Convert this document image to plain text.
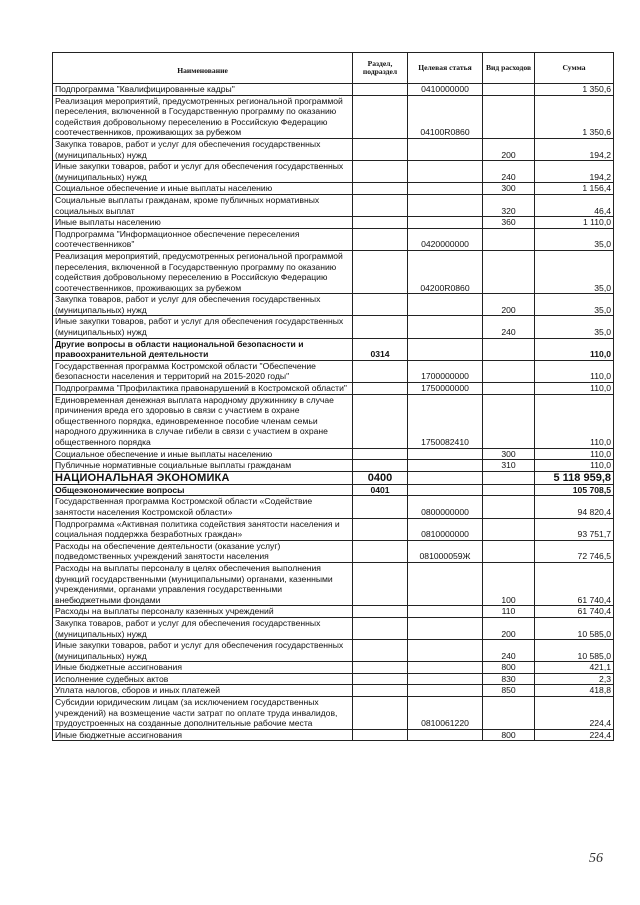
Наименование	Раздел, подраздел	Целевая статья	Вид расходов	Сумма
Подпрограмма "Квалифицированные кадры"		0410000000		1 350,6
Реализация мероприятий, предусмотренных региональной программой переселения, включенной в Государственную программу по оказанию содействия добровольному переселению в Российскую Федерацию соотечественников, проживающих за рубежом		04100R0860		1 350,6
Закупка товаров, работ и услуг для обеспечения государственных (муниципальных) нужд			200	194,2
Иные закупки товаров, работ и услуг для обеспечения государственных (муниципальных) нужд			240	194,2
Социальное обеспечение и иные выплаты населению			300	1 156,4
Социальные выплаты гражданам, кроме публичных нормативных социальных выплат			320	46,4
Иные выплаты населению			360	1 110,0
Подпрограмма "Информационное обеспечение переселения соотечественников"		0420000000		35,0
Реализация мероприятий, предусмотренных региональной программой переселения, включенной в Государственную программу по оказанию содействия добровольному переселению в Российскую Федерацию соотечественников, проживающих за рубежом		04200R0860		35,0
Закупка товаров, работ и услуг для обеспечения государственных (муниципальных) нужд			200	35,0
Иные закупки товаров, работ и услуг для обеспечения государственных (муниципальных) нужд			240	35,0
Другие вопросы в области национальной безопасности и правоохранительной деятельности	0314			110,0
Государственная программа Костромской области "Обеспечение безопасности населения и территорий на 2015-2020 годы"		1700000000		110,0
Подпрограмма "Профилактика правонарушений в Костромской области"		1750000000		110,0
Единовременная денежная выплата народному дружиннику в случае причинения вреда его здоровью в связи с участием в охране общественного порядка, единовременное пособие членам семьи народного дружинника в случае гибели в связи с участием в охране общественного порядка		1750082410		110,0
Социальное обеспечение и иные выплаты населению			300	110,0
Публичные нормативные социальные выплаты гражданам			310	110,0
НАЦИОНАЛЬНАЯ ЭКОНОМИКА	0400			5 118 959,8
Общеэкономические вопросы	0401			105 708,5
Государственная программа Костромской области «Содействие занятости населения Костромской области»		0800000000		94 820,4
Подпрограмма «Активная политика содействия занятости населения и социальная поддержка безработных граждан»		0810000000		93 751,7
Расходы на обеспечение деятельности (оказание услуг) подведомственных учреждений занятости населения		081000059Ж		72 746,5
Расходы на выплаты персоналу в целях обеспечения выполнения функций государственными (муниципальными) органами, казенными учреждениями, органами управления государственными внебюджетными фондами			100	61 740,4
Расходы на выплаты персоналу казенных учреждений			110	61 740,4
Закупка товаров, работ и услуг для обеспечения государственных (муниципальных) нужд			200	10 585,0
Иные закупки товаров, работ и услуг для обеспечения государственных (муниципальных) нужд			240	10 585,0
Иные бюджетные ассигнования			800	421,1
Исполнение судебных актов			830	2,3
Уплата налогов, сборов и иных платежей			850	418,8
Субсидии юридическим лицам (за исключением государственных учреждений) на возмещение части затрат по оплате труда инвалидов, трудоустроенных на созданные дополнительные рабочие места		0810061220		224,4
Иные бюджетные ассигнования			800	224,4
56
